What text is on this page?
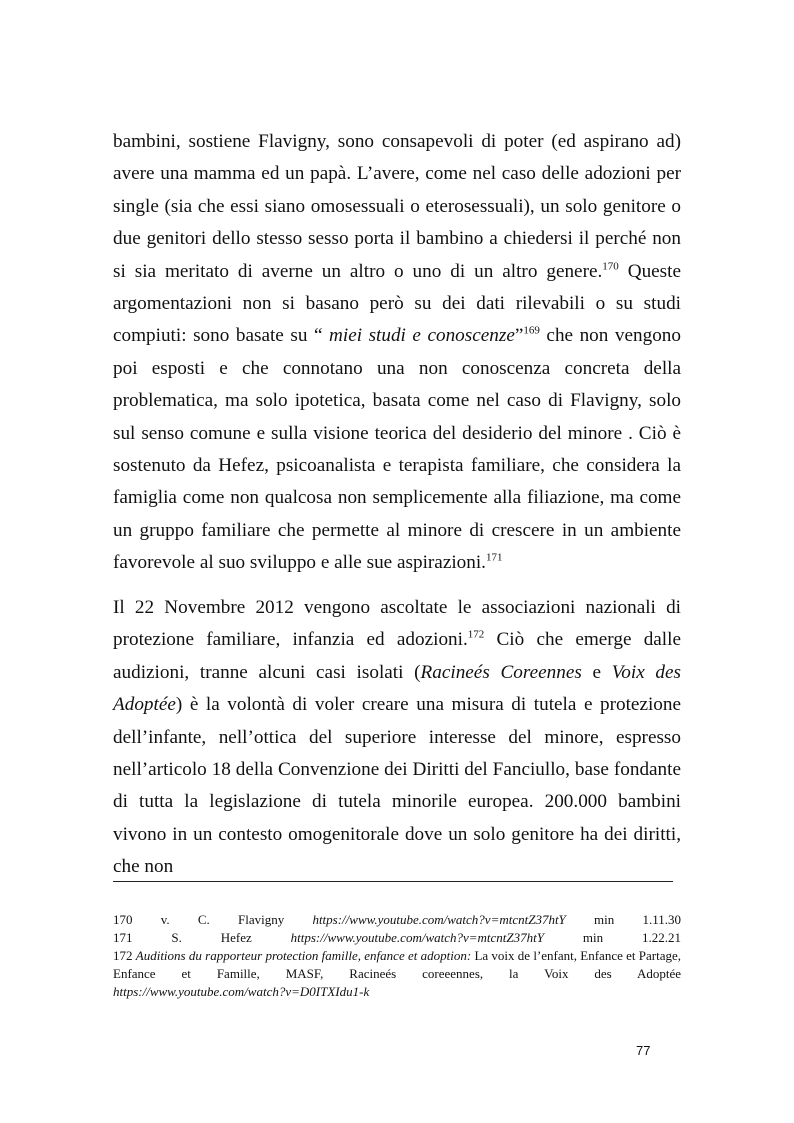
bambini, sostiene Flavigny, sono consapevoli di poter (ed aspirano ad) avere una mamma ed un papà. L’avere, come nel caso delle adozioni per single (sia che essi siano omosessuali o eterosessuali), un solo genitore o due genitori dello stesso sesso porta il bambino a chiedersi il perché non si sia meritato di averne un altro o uno di un altro genere.$^{170}$ Queste argomentazioni non si basano però su dei dati rilevabili o su studi compiuti: sono basate su “ miei studi e conoscenze”$^{169}$ che non vengono poi esposti e che connotano una non conoscenza concreta della problematica, ma solo ipotetica, basata come nel caso di Flavigny, solo sul senso comune e sulla visione teorica del desiderio del minore . Ciò è sostenuto da Hefez, psicoanalista e terapista familiare, che considera la famiglia come non qualcosa non semplicemente alla filiazione, ma come un gruppo familiare che permette al minore di crescere in un ambiente favorevole al suo sviluppo e alle sue aspirazioni.$^{171}$

Il 22 Novembre 2012 vengono ascoltate le associazioni nazionali di protezione familiare, infanzia ed adozioni.$^{172}$ Ciò che emerge dalle audizioni, tranne alcuni casi isolati (Racineés Coreennes e Voix des Adoptée) è la volontà di voler creare una misura di tutela e protezione dell’infante, nell’ottica del superiore interesse del minore, espresso nell’articolo 18 della Convenzione dei Diritti del Fanciullo, base fondante di tutta la legislazione di tutela minorile europea. 200.000 bambini vivono in un contesto omogenitorale dove un solo genitore ha dei diritti, che non

170 v. C. Flavigny https://www.youtube.com/watch?v=mtcntZ37htY min 1.11.30
171	S.	Hefez	https://www.youtube.com/watch?v=mtcntZ37htY	min	1.22.21
172 Auditions du rapporteur protection famille, enfance et adoption: La voix de l’enfant, Enfance et Partage, Enfance et Famille, MASF, Racineés coreeennes, la Voix des Adoptée
https://www.youtube.com/watch?v=D0ITXIdu1-k
77
